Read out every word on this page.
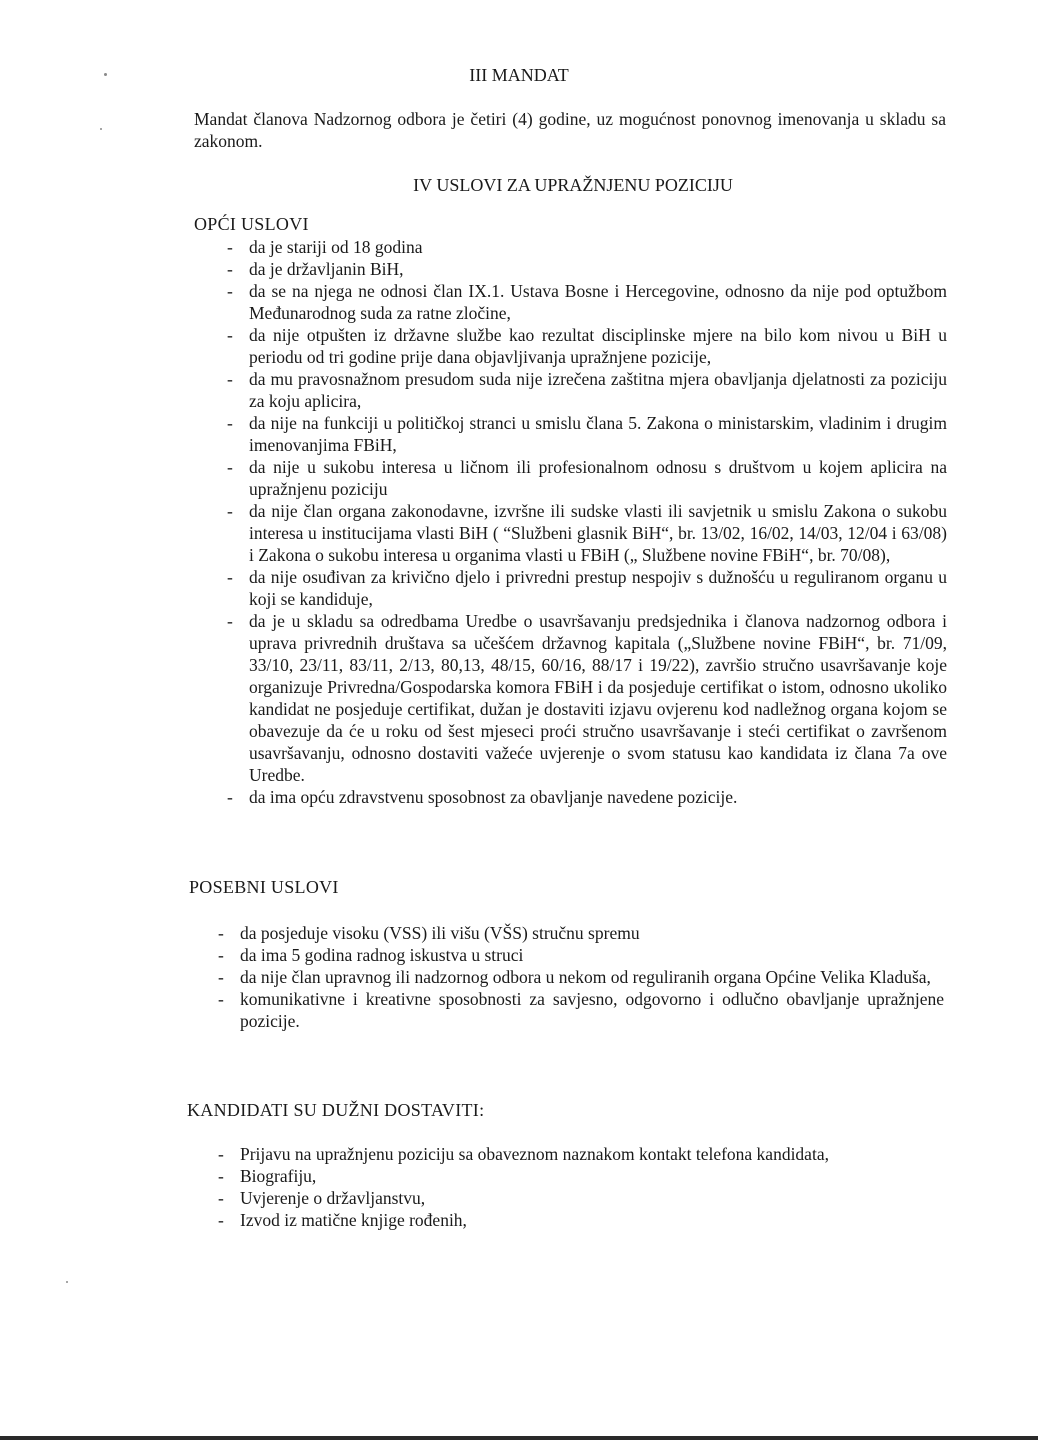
III MANDAT
Mandat članova Nadzornog odbora je četiri (4) godine, uz mogućnost ponovnog imenovanja u skladu sa zakonom.
IV USLOVI ZA UPRAŽNJENU POZICIJU
OPĆI USLOVI
- da je stariji od 18 godina
- da je državljanin BiH,
- da se na njega ne odnosi član IX.1. Ustava Bosne i Hercegovine, odnosno da nije pod optužbom Međunarodnog suda za ratne zločine,
- da nije otpušten iz državne službe kao rezultat disciplinske mjere na bilo kom nivou u BiH u periodu od tri godine prije dana objavljivanja upražnjene pozicije,
- da mu pravosnažnom presudom suda nije izrečena zaštitna mjera obavljanja djelatnosti za poziciju za koju aplicira,
- da nije na funkciji u političkoj stranci u smislu člana 5. Zakona o ministarskim, vladinim i drugim imenovanjima FBiH,
- da nije u sukobu interesa u ličnom ili profesionalnom odnosu s društvom u kojem aplicira na upražnjenu poziciju
- da nije član organa zakonodavne, izvršne ili sudske vlasti ili savjetnik u smislu Zakona o sukobu interesa u institucijama vlasti BiH ( “Službeni glasnik BiH“, br. 13/02, 16/02, 14/03, 12/04 i 63/08) i Zakona o sukobu interesa u organima vlasti u FBiH („ Službene novine FBiH“, br. 70/08),
- da nije osuđivan za krivično djelo i privredni prestup nespojiv s dužnošću u reguliranom organu u koji se kandiduje,
- da je u skladu sa odredbama Uredbe o usavršavanju predsjednika i članova nadzornog odbora i uprava privrednih društava sa učešćem državnog kapitala („Službene novine FBiH“, br. 71/09, 33/10, 23/11, 83/11, 2/13, 80,13, 48/15, 60/16, 88/17 i 19/22), završio stručno usavršavanje koje organizuje Privredna/Gospodarska komora FBiH i da posjeduje certifikat o istom, odnosno ukoliko kandidat ne posjeduje certifikat, dužan je dostaviti izjavu ovjerenu kod nadležnog organa kojom se obavezuje da će u roku od šest mjeseci proći stručno usavršavanje i steći certifikat o završenom usavršavanju, odnosno dostaviti važeće uvjerenje o svom statusu kao kandidata iz člana 7a ove Uredbe.
- da ima opću zdravstvenu sposobnost za obavljanje navedene pozicije.
POSEBNI USLOVI
- da posjeduje visoku (VSS) ili višu (VŠS) stručnu spremu
- da ima 5 godina radnog iskustva u struci
- da nije član upravnog ili nadzornog odbora u nekom od reguliranih organa Općine Velika Kladuša,
- komunikativne i kreativne sposobnosti za savjesno, odgovorno i odlučno obavljanje upražnjene pozicije.
KANDIDATI SU DUŽNI DOSTAVITI:
- Prijavu na upražnjenu poziciju sa obaveznom naznakom kontakt telefona kandidata,
- Biografiju,
- Uvjerenje o državljanstvu,
- Izvod iz matične knjige rođenih,
